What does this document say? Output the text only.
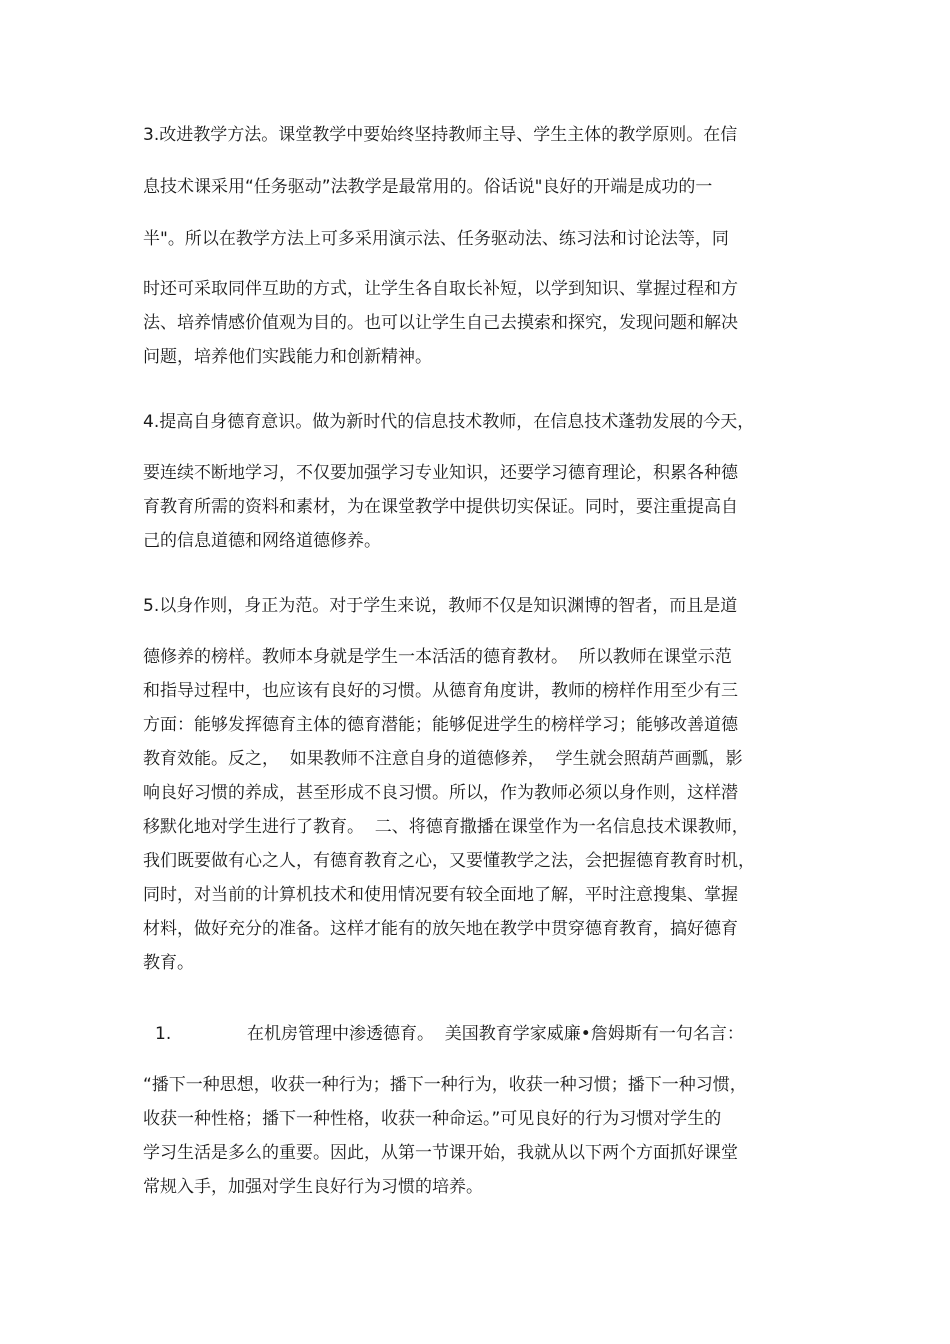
3.改进教学方法。课堂教学中要始终坚持教师主导、学生主体的教学原则。在信
息技术课采用“任务驱动”法教学是最常用的。俗话说"良好的开端是成功的一
半"。所以在教学方法上可多采用演示法、任务驱动法、练习法和讨论法等，同
时还可采取同伴互助的方式，让学生各自取长补短，以学到知识、掌握过程和方
法、培养情感价值观为目的。也可以让学生自己去摸索和探究，发现问题和解决
问题，培养他们实践能力和创新精神。
4.提高自身德育意识。做为新时代的信息技术教师，在信息技术蓬勃发展的今天，
要连续不断地学习，不仅要加强学习专业知识，还要学习德育理论，积累各种德
育教育所需的资料和素材，为在课堂教学中提供切实保证。同时，要注重提高自
己的信息道德和网络道德修养。
5.以身作则，身正为范。对于学生来说，教师不仅是知识渊博的智者，而且是道
德修养的榜样。教师本身就是学生一本活活的德育教材。  所以教师在课堂示范
和指导过程中，也应该有良好的习惯。从德育角度讲，教师的榜样作用至少有三
方面：能够发挥德育主体的德育潜能；能够促进学生的榜样学习；能够改善道德
教育效能。反之，  如果教师不注意自身的道德修养，  学生就会照葫芦画瓢，影
响良好习惯的养成，甚至形成不良习惯。所以，作为教师必须以身作则，这样潜
移默化地对学生进行了教育。  二、将德育撒播在课堂作为一名信息技术课教师，
我们既要做有心之人，有德育教育之心，又要懂教学之法，会把握德育教育时机，
同时，对当前的计算机技术和使用情况要有较全面地了解，平时注意搜集、掌握
材料，做好充分的准备。这样才能有的放矢地在教学中贯穿德育教育，搞好德育
教育。
1.	在机房管理中渗透德育。  美国教育学家威廉•詹姆斯有一句名言：
“播下一种思想，收获一种行为；播下一种行为，收获一种习惯；播下一种习惯，
收获一种性格；播下一种性格，收获一种命运。”可见良好的行为习惯对学生的
学习生活是多么的重要。因此，从第一节课开始，我就从以下两个方面抓好课堂
常规入手，加强对学生良好行为习惯的培养。
